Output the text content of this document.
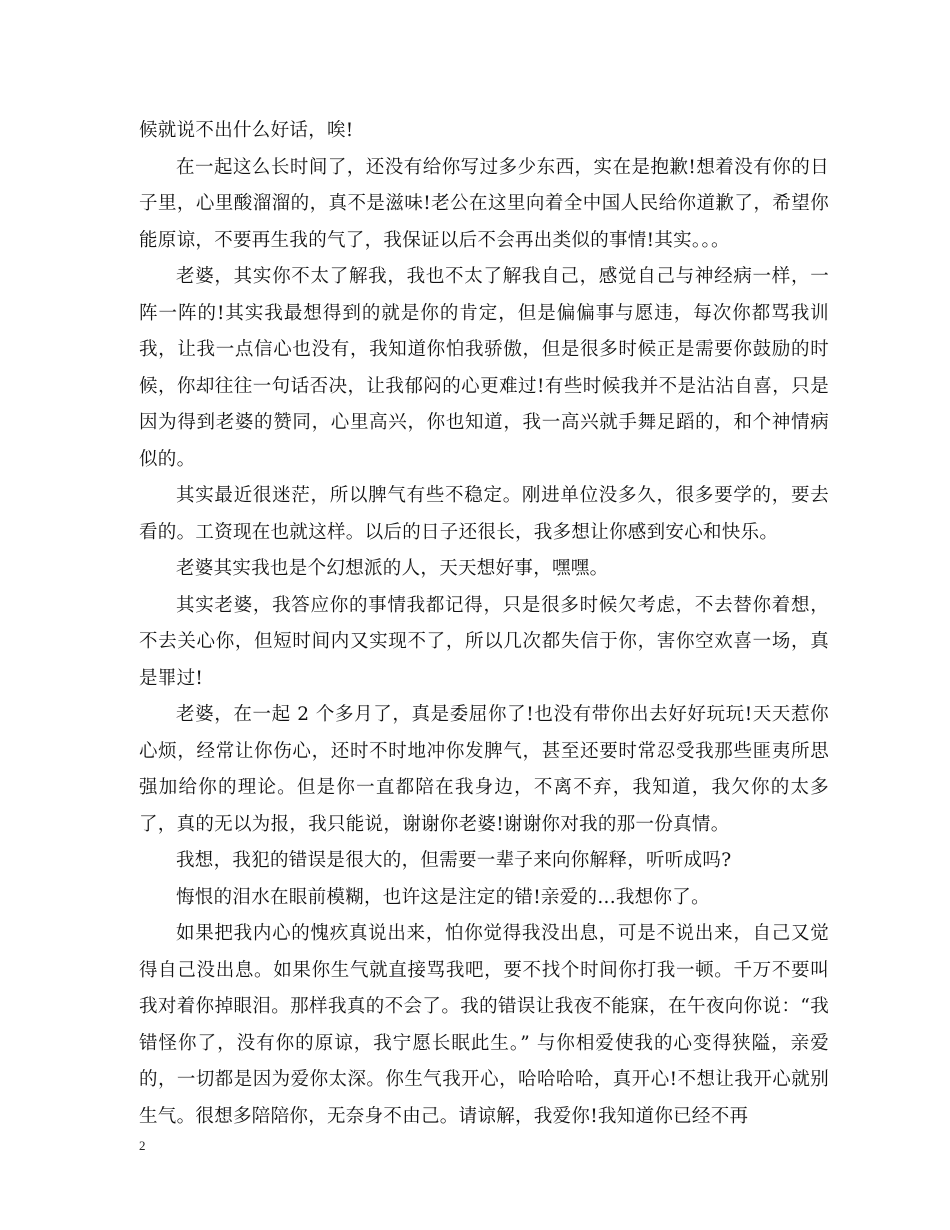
候就说不出什么好话，唉!

在一起这么长时间了，还没有给你写过多少东西，实在是抱歉!想着没有你的日子里，心里酸溜溜的，真不是滋味!老公在这里向着全中国人民给你道歉了，希望你能原谅，不要再生我的气了，我保证以后不会再出类似的事情!其实。。。

老婆，其实你不太了解我，我也不太了解我自己，感觉自己与神经病一样，一阵一阵的!其实我最想得到的就是你的肯定，但是偏偏事与愿违，每次你都骂我训我，让我一点信心也没有，我知道你怕我骄傲，但是很多时候正是需要你鼓励的时候，你却往往一句话否决，让我郁闷的心更难过!有些时候我并不是沾沾自喜，只是因为得到老婆的赞同，心里高兴，你也知道，我一高兴就手舞足蹈的，和个神情病似的。

其实最近很迷茫，所以脾气有些不稳定。刚进单位没多久，很多要学的，要去看的。工资现在也就这样。以后的日子还很长，我多想让你感到安心和快乐。

老婆其实我也是个幻想派的人，天天想好事，嘿嘿。

其实老婆，我答应你的事情我都记得，只是很多时候欠考虑，不去替你着想，不去关心你，但短时间内又实现不了，所以几次都失信于你，害你空欢喜一场，真是罪过!

老婆，在一起 2 个多月了，真是委屈你了!也没有带你出去好好玩玩!天天惹你心烦，经常让你伤心，还时不时地冲你发脾气，甚至还要时常忍受我那些匪夷所思强加给你的理论。但是你一直都陪在我身边，不离不弃，我知道，我欠你的太多了，真的无以为报，我只能说，谢谢你老婆!谢谢你对我的那一份真情。

我想，我犯的错误是很大的，但需要一辈子来向你解释，听听成吗?

悔恨的泪水在眼前模糊，也许这是注定的错!亲爱的...我想你了。

如果把我内心的愧疚真说出来，怕你觉得我没出息，可是不说出来，自己又觉得自己没出息。如果你生气就直接骂我吧，要不找个时间你打我一顿。千万不要叫我对着你掉眼泪。那样我真的不会了。我的错误让我夜不能寐，在午夜向你说：“我错怪你了，没有你的原谅，我宁愿长眠此生。” 与你相爱使我的心变得狭隘，亲爱的，一切都是因为爱你太深。你生气我开心，哈哈哈哈，真开心!不想让我开心就别生气。很想多陪陪你，无奈身不由己。请谅解，我爱你!我知道你已经不再

2
